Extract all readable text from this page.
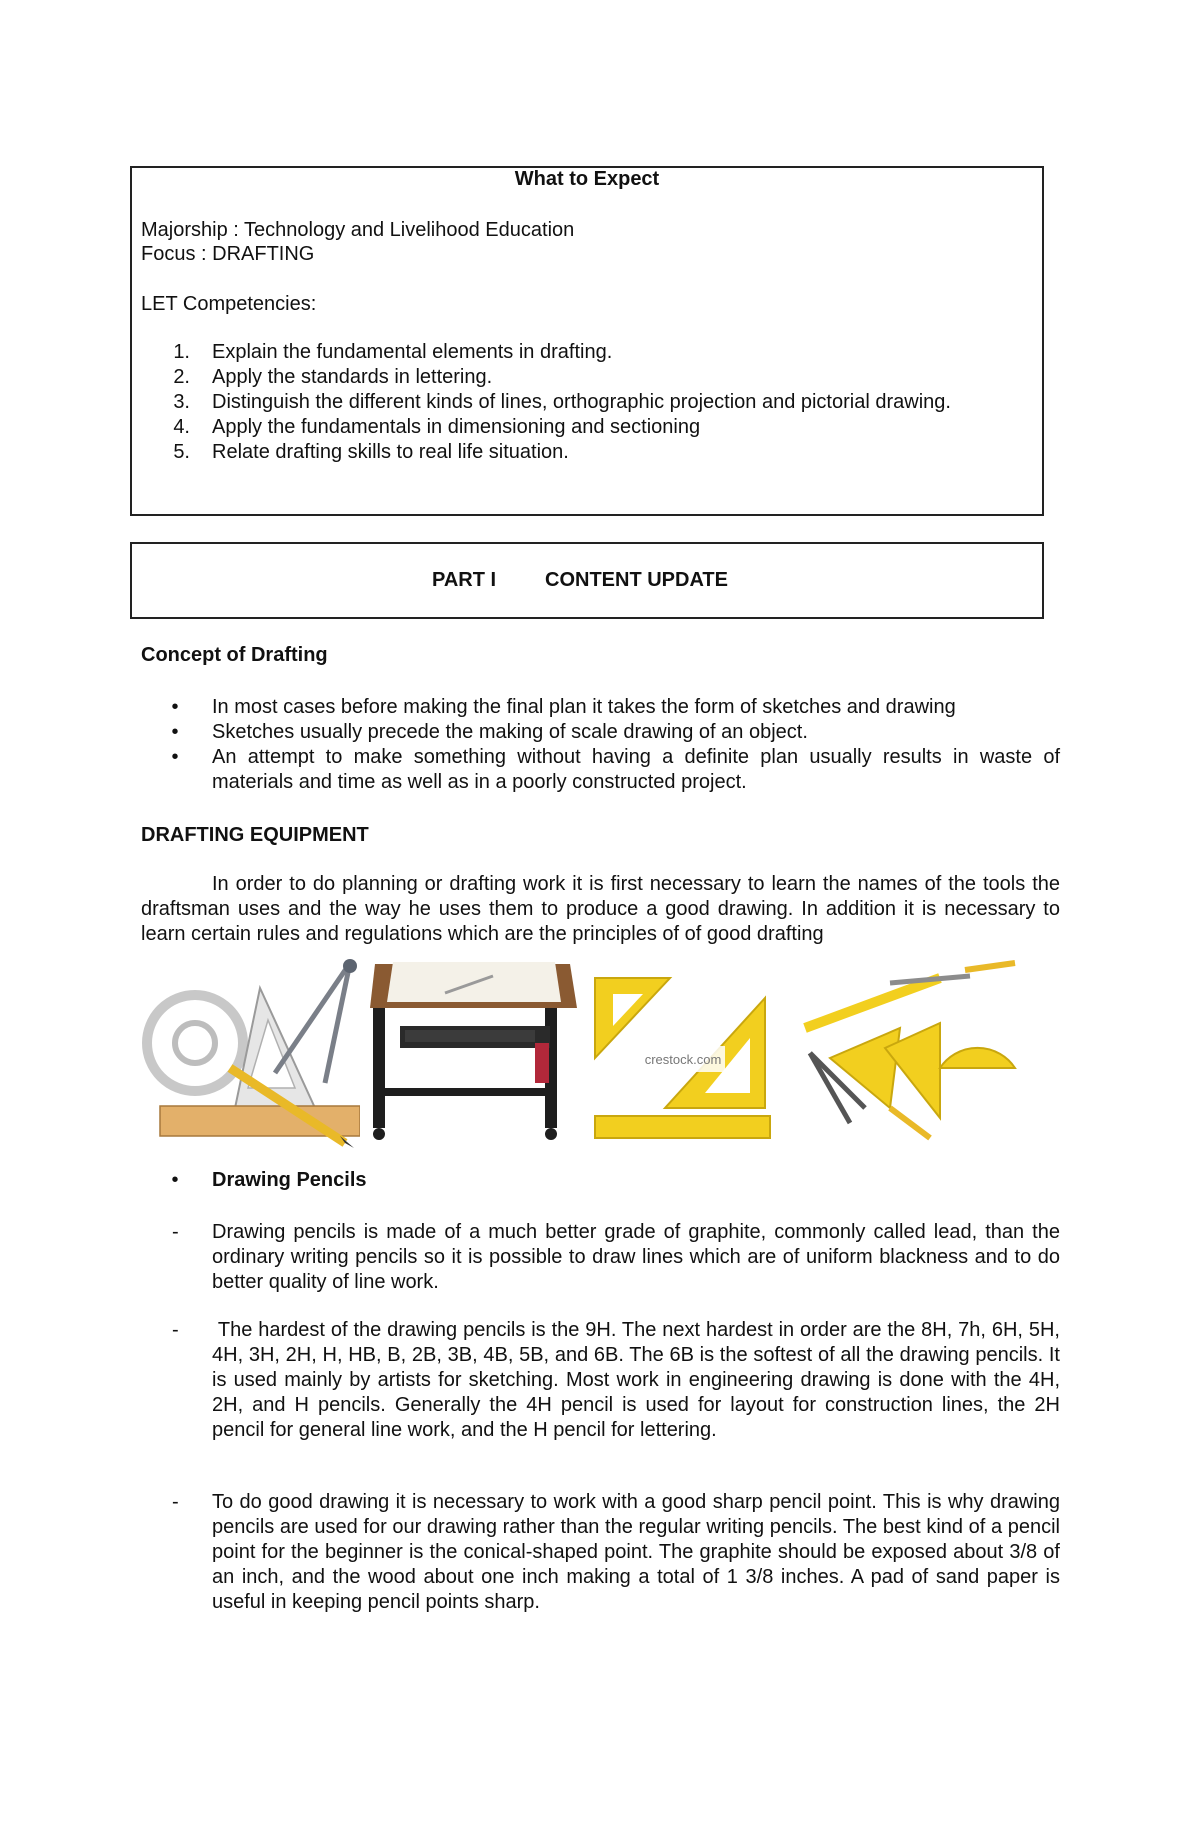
What to Expect
Majorship : Technology and Livelihood Education
Focus : DRAFTING
LET Competencies:
1. Explain the fundamental elements in drafting.
2. Apply the standards in lettering.
3. Distinguish the different kinds of lines, orthographic projection and pictorial drawing.
4. Apply the fundamentals in dimensioning and sectioning
5. Relate drafting skills to real life situation.
PART I CONTENT UPDATE
Concept of Drafting
•	In most cases before making the final plan it takes the form of sketches and drawing
•	Sketches usually precede the making of scale drawing of an object.
•	An attempt to make something without having a definite plan usually results in waste of materials and time as well as in a poorly constructed project.
DRAFTING EQUIPMENT
In order to do planning or drafting work it is first necessary to learn the names of the tools the draftsman uses and the way he uses them to produce a good drawing. In addition it is necessary to learn certain rules and regulations which are the principles of of good drafting
crestock.com
•	Drawing Pencils
- Drawing pencils is made of a much better grade of graphite, commonly called lead, than the ordinary writing pencils so it is possible to draw lines which are of uniform blackness and to do better quality of line work.
- The hardest of the drawing pencils is the 9H. The next hardest in order are the 8H, 7h, 6H, 5H, 4H, 3H, 2H, H, HB, B, 2B, 3B, 4B, 5B, and 6B. The 6B is the softest of all the drawing pencils. It is used mainly by artists for sketching. Most work in engineering drawing is done with the 4H, 2H, and H pencils. Generally the 4H pencil is used for layout for construction lines, the 2H pencil for general line work, and the H pencil for lettering.
- To do good drawing it is necessary to work with a good sharp pencil point. This is why drawing pencils are used for our drawing rather than the regular writing pencils. The best kind of a pencil point for the beginner is the conical-shaped point. The graphite should be exposed about 3/8 of an inch, and the wood about one inch making a total of 1 3/8 inches. A pad of sand paper is useful in keeping pencil points sharp.
